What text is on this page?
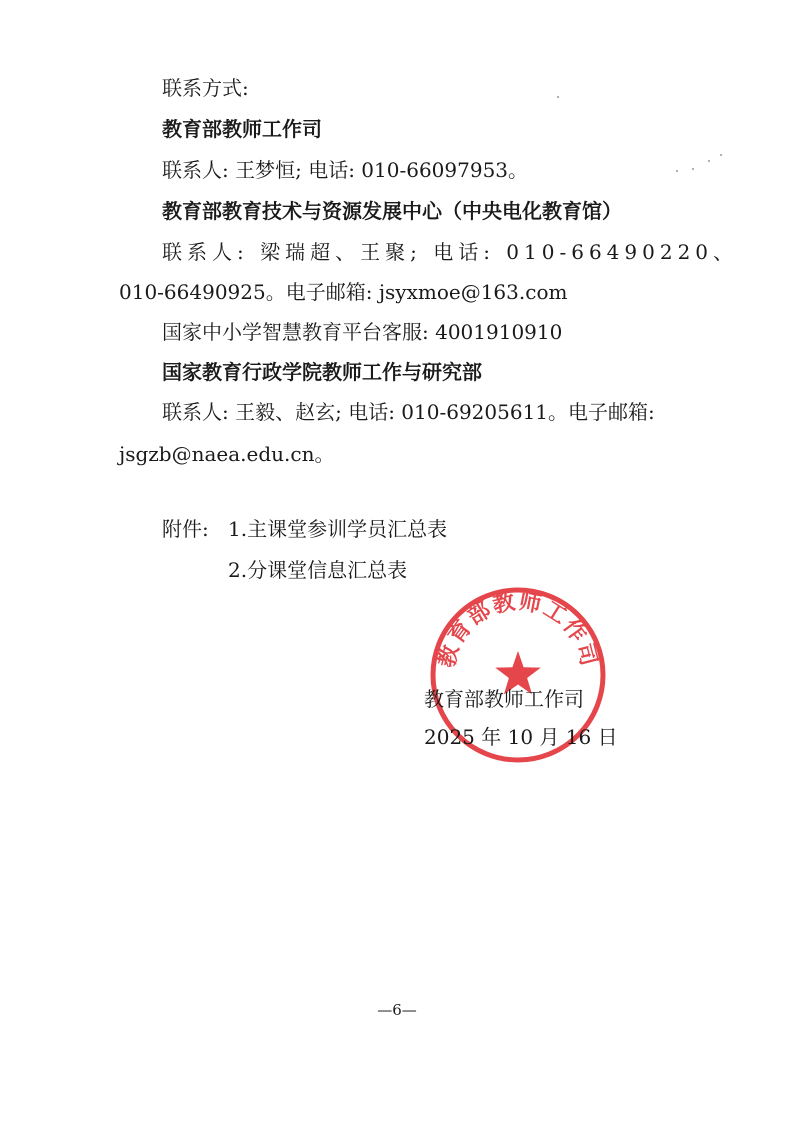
联系方式:
教育部教师工作司
联系人: 王梦恒; 电话: 010-66097953。
教育部教育技术与资源发展中心（中央电化教育馆）
联系人: 梁瑞超、王聚; 电话: 010-66490220、
010-66490925。电子邮箱: jsyxmoe@163.com
国家中小学智慧教育平台客服: 4001910910
国家教育行政学院教师工作与研究部
联系人: 王毅、赵玄; 电话: 010-69205611。电子邮箱:
jsgzb@naea.edu.cn。
附件: 1.主课堂参训学员汇总表
2.分课堂信息汇总表
教育部教师工作司
教育部教师工作司
2025 年 10 月 16 日
—6—
